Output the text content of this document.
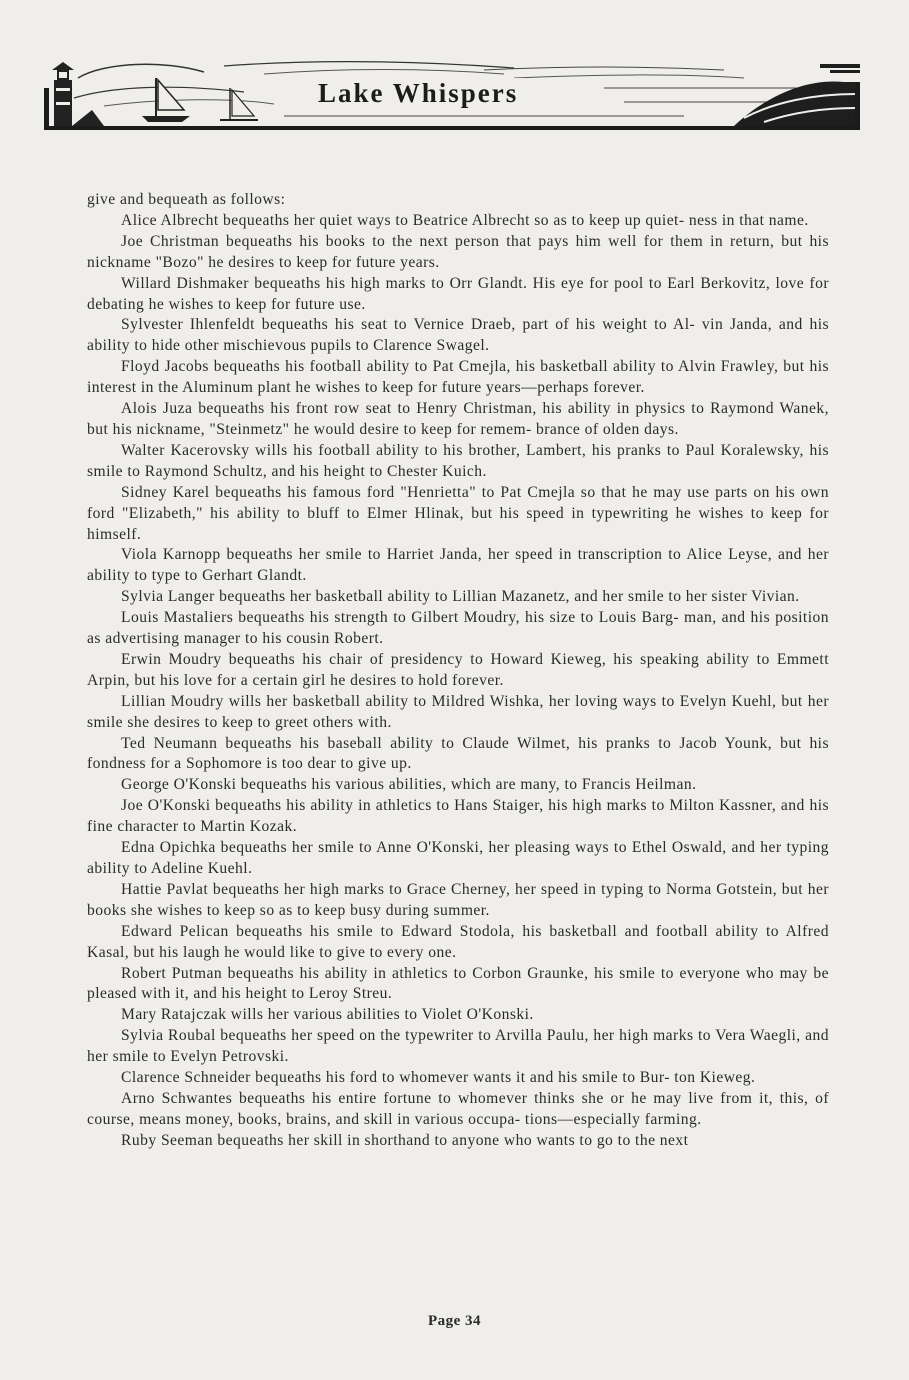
Lake Whispers

give and bequeath as follows:

Alice Albrecht bequeaths her quiet ways to Beatrice Albrecht so as to keep up quiet- ness in that name.

Joe Christman bequeaths his books to the next person that pays him well for them in return, but his nickname "Bozo" he desires to keep for future years.

Willard Dishmaker bequeaths his high marks to Orr Glandt. His eye for pool to Earl Berkovitz, love for debating he wishes to keep for future use.

Sylvester Ihlenfeldt bequeaths his seat to Vernice Draeb, part of his weight to Al- vin Janda, and his ability to hide other mischievous pupils to Clarence Swagel.

Floyd Jacobs bequeaths his football ability to Pat Cmejla, his basketball ability to Alvin Frawley, but his interest in the Aluminum plant he wishes to keep for future years—perhaps forever.

Alois Juza bequeaths his front row seat to Henry Christman, his ability in physics to Raymond Wanek, but his nickname, "Steinmetz" he would desire to keep for remem- brance of olden days.

Walter Kacerovsky wills his football ability to his brother, Lambert, his pranks to Paul Koralewsky, his smile to Raymond Schultz, and his height to Chester Kuich.

Sidney Karel bequeaths his famous ford "Henrietta" to Pat Cmejla so that he may use parts on his own ford "Elizabeth," his ability to bluff to Elmer Hlinak, but his speed in typewriting he wishes to keep for himself.

Viola Karnopp bequeaths her smile to Harriet Janda, her speed in transcription to Alice Leyse, and her ability to type to Gerhart Glandt.

Sylvia Langer bequeaths her basketball ability to Lillian Mazanetz, and her smile to her sister Vivian.

Louis Mastaliers bequeaths his strength to Gilbert Moudry, his size to Louis Barg- man, and his position as advertising manager to his cousin Robert.

Erwin Moudry bequeaths his chair of presidency to Howard Kieweg, his speaking ability to Emmett Arpin, but his love for a certain girl he desires to hold forever.

Lillian Moudry wills her basketball ability to Mildred Wishka, her loving ways to Evelyn Kuehl, but her smile she desires to keep to greet others with.

Ted Neumann bequeaths his baseball ability to Claude Wilmet, his pranks to Jacob Younk, but his fondness for a Sophomore is too dear to give up.

George O'Konski bequeaths his various abilities, which are many, to Francis Heilman.

Joe O'Konski bequeaths his ability in athletics to Hans Staiger, his high marks to Milton Kassner, and his fine character to Martin Kozak.

Edna Opichka bequeaths her smile to Anne O'Konski, her pleasing ways to Ethel Oswald, and her typing ability to Adeline Kuehl.

Hattie Pavlat bequeaths her high marks to Grace Cherney, her speed in typing to Norma Gotstein, but her books she wishes to keep so as to keep busy during summer.

Edward Pelican bequeaths his smile to Edward Stodola, his basketball and football ability to Alfred Kasal, but his laugh he would like to give to every one.

Robert Putman bequeaths his ability in athletics to Corbon Graunke, his smile to everyone who may be pleased with it, and his height to Leroy Streu.

Mary Ratajczak wills her various abilities to Violet O'Konski.

Sylvia Roubal bequeaths her speed on the typewriter to Arvilla Paulu, her high marks to Vera Waegli, and her smile to Evelyn Petrovski.

Clarence Schneider bequeaths his ford to whomever wants it and his smile to Bur- ton Kieweg.

Arno Schwantes bequeaths his entire fortune to whomever thinks she or he may live from it, this, of course, means money, books, brains, and skill in various occupa- tions—especially farming.

Ruby Seeman bequeaths her skill in shorthand to anyone who wants to go to the next

Page 34
